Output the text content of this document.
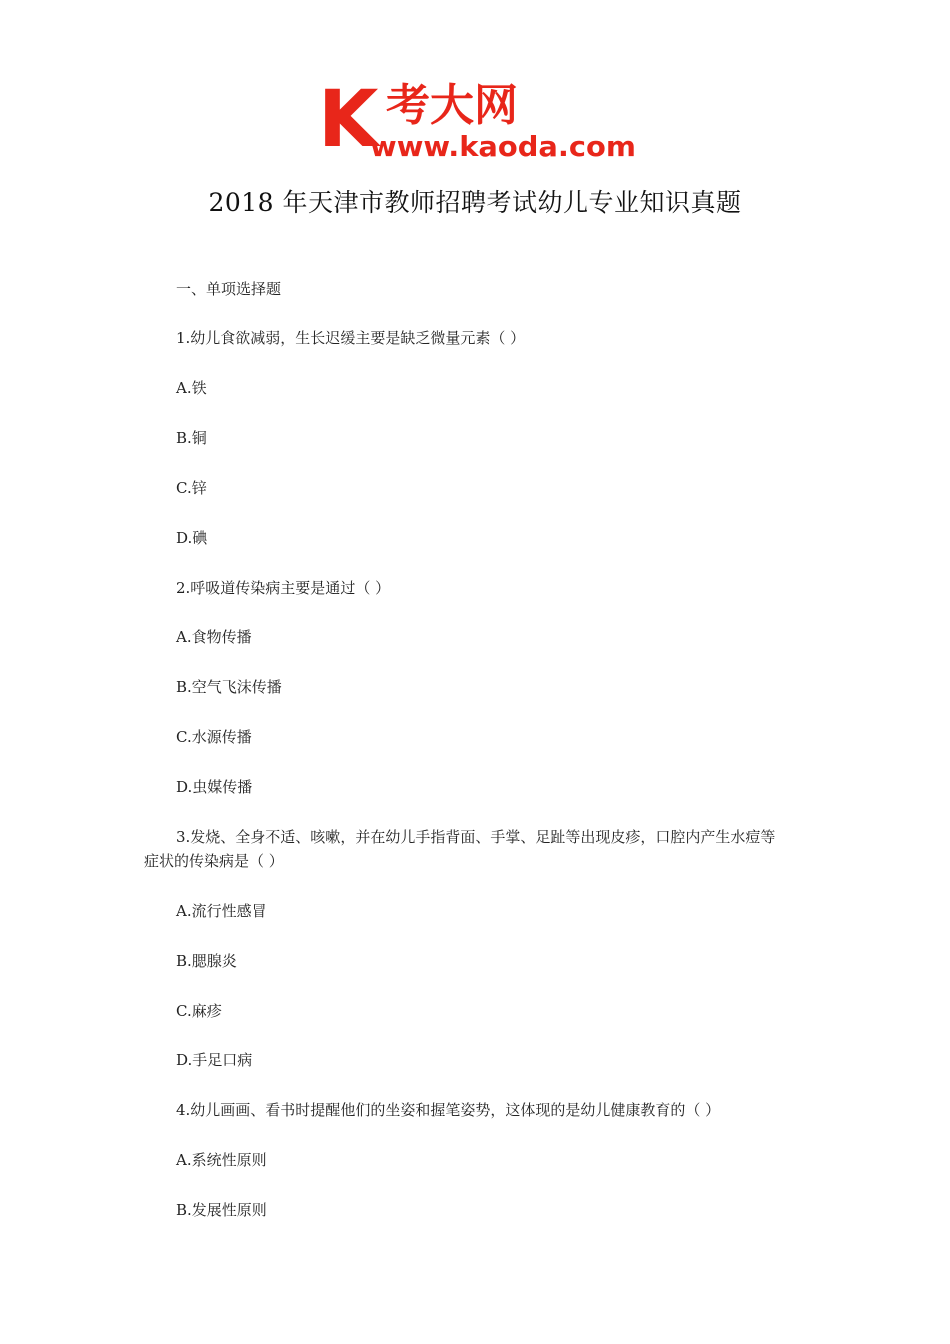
K 考大网
www.kaoda.com
2018 年天津市教师招聘考试幼儿专业知识真题
一、单项选择题
1.幼儿食欲减弱，生长迟缓主要是缺乏微量元素（ ）
A.铁
B.铜
C.锌
D.碘
2.呼吸道传染病主要是通过（ ）
A.食物传播
B.空气飞沫传播
C.水源传播
D.虫媒传播
3.发烧、全身不适、咳嗽，并在幼儿手指背面、手掌、足趾等出现皮疹，口腔内产生水痘等
症状的传染病是（ ）
A.流行性感冒
B.腮腺炎
C.麻疹
D.手足口病
4.幼儿画画、看书时提醒他们的坐姿和握笔姿势，这体现的是幼儿健康教育的（ ）
A.系统性原则
B.发展性原则
